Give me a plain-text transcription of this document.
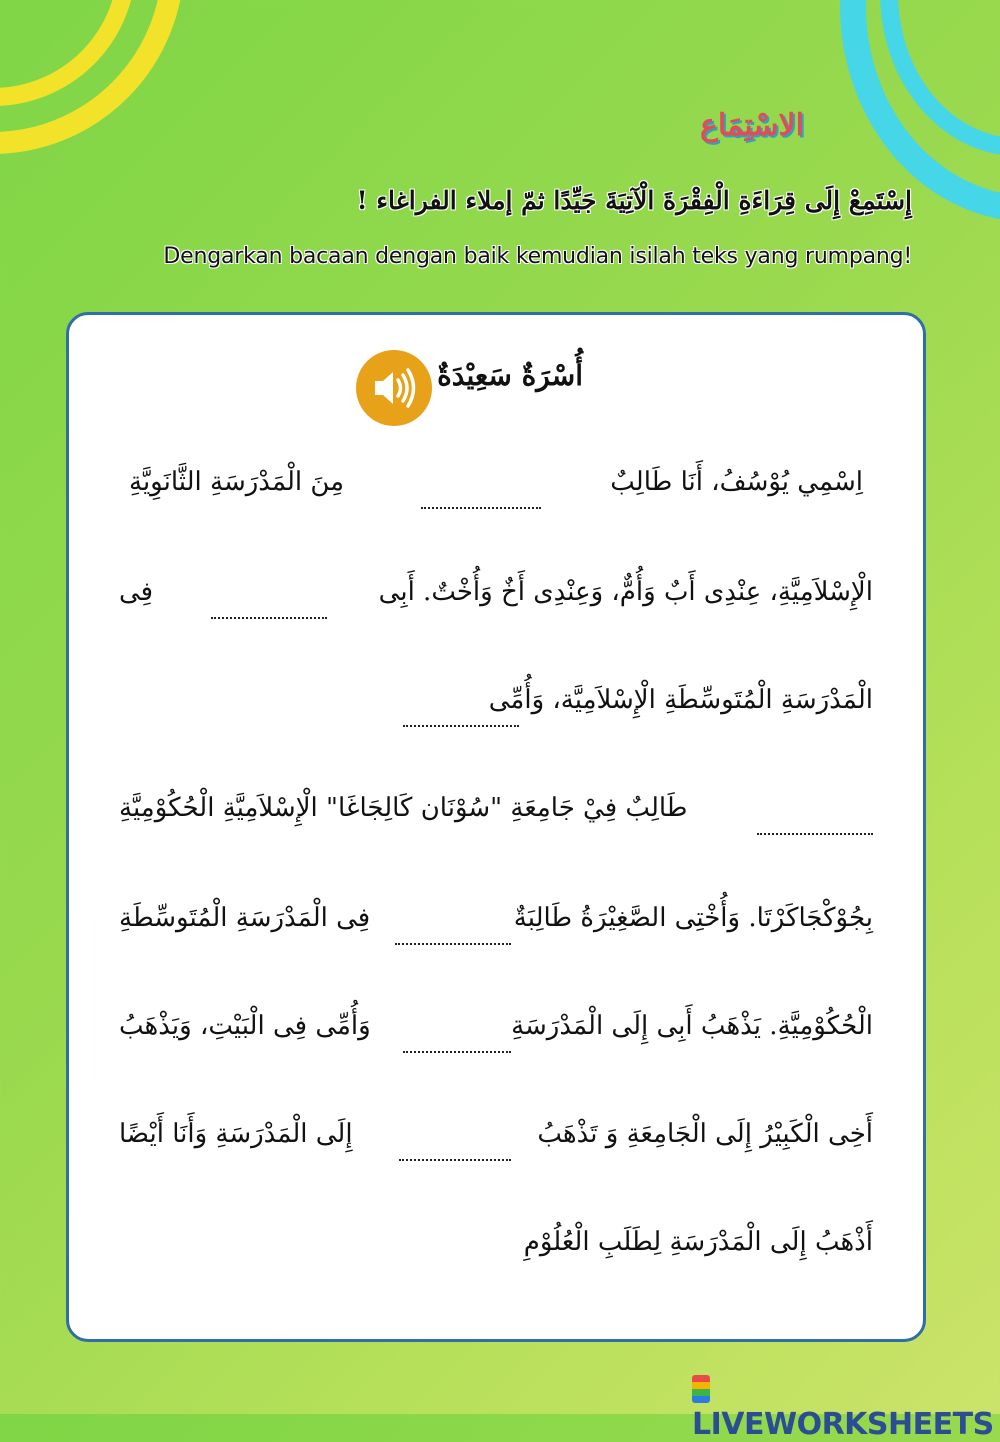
الاسْتِمَاع
إِسْتَمِعْ إِلَى قِرَاءَةِ الْفِقْرَةَ الْآتِيَةَ جَيِّدًا ثمّ إملاء الفراغاء !
Dengarkan bacaan dengan baik kemudian isilah teks yang rumpang!
أُسْرَةٌ سَعِيْدَةٌ
اِسْمِي يُوْسُفُ، أَنَا طَالِبٌ
مِنَ الْمَدْرَسَةِ الثَّانَوِيَّةِ
الْإِسْلاَمِيَّةِ، عِنْدِى أَبٌ وَأُمٌّ، وَعِنْدِى أَخٌ وَأُخْتٌ. أَبِى
فِى
الْمَدْرَسَةِ الْمُتَوسِّطَةِ الْإِسْلاَمِيَّة، وَأُمِّى
طَالِبٌ فِيْ جَامِعَةِ "سُوْنَان كَالِجَاغَا" الْإِسْلاَمِيَّةِ الْحُكُوْمِيَّةِ
بِجُوْكْجَاكَرْتَا. وَأُخْتِى الصَّغِيْرَةُ طَالِبَةٌ
فِى الْمَدْرَسَةِ الْمُتَوسِّطَةِ
الْحُكُوْمِيَّةِ. يَذْهَبُ أَبِى إِلَى الْمَدْرَسَةِ
وَأُمِّى فِى الْبَيْتِ، وَيَذْهَبُ
أَخِى الْكَبِيْرُ إِلَى الْجَامِعَةِ وَ تَذْهَبُ
إِلَى الْمَدْرَسَةِ وَأَنَا أَيْضًا
أَذْهَبُ إِلَى الْمَدْرَسَةِ لِطَلَبِ الْعُلُوْمِ
LIVEWORKSHEETS
